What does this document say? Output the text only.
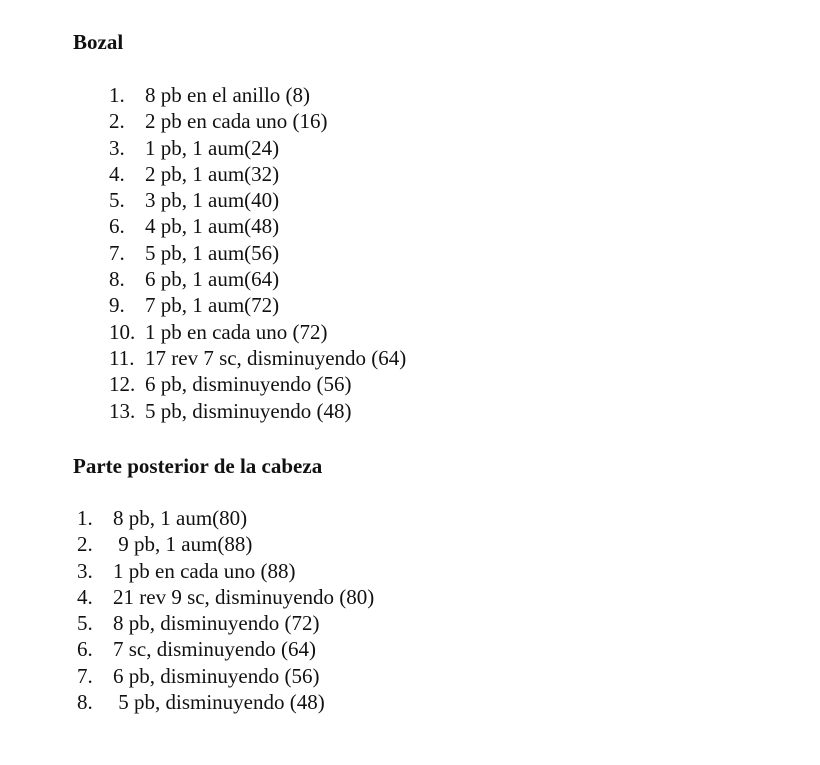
Bozal
1. 8 pb en el anillo (8)
2. 2 pb en cada uno (16)
3. 1 pb, 1 aum(24)
4. 2 pb, 1 aum(32)
5. 3 pb, 1 aum(40)
6. 4 pb, 1 aum(48)
7. 5 pb, 1 aum(56)
8. 6 pb, 1 aum(64)
9. 7 pb, 1 aum(72)
10. 1 pb en cada uno (72)
11. 17 rev 7 sc, disminuyendo (64)
12. 6 pb, disminuyendo (56)
13. 5 pb, disminuyendo (48)
Parte posterior de la cabeza
1. 8 pb, 1 aum(80)
2. 9 pb, 1 aum(88)
3. 1 pb en cada uno (88)
4. 21 rev 9 sc, disminuyendo (80)
5. 8 pb, disminuyendo (72)
6. 7 sc, disminuyendo (64)
7. 6 pb, disminuyendo (56)
8. 5 pb, disminuyendo (48)
